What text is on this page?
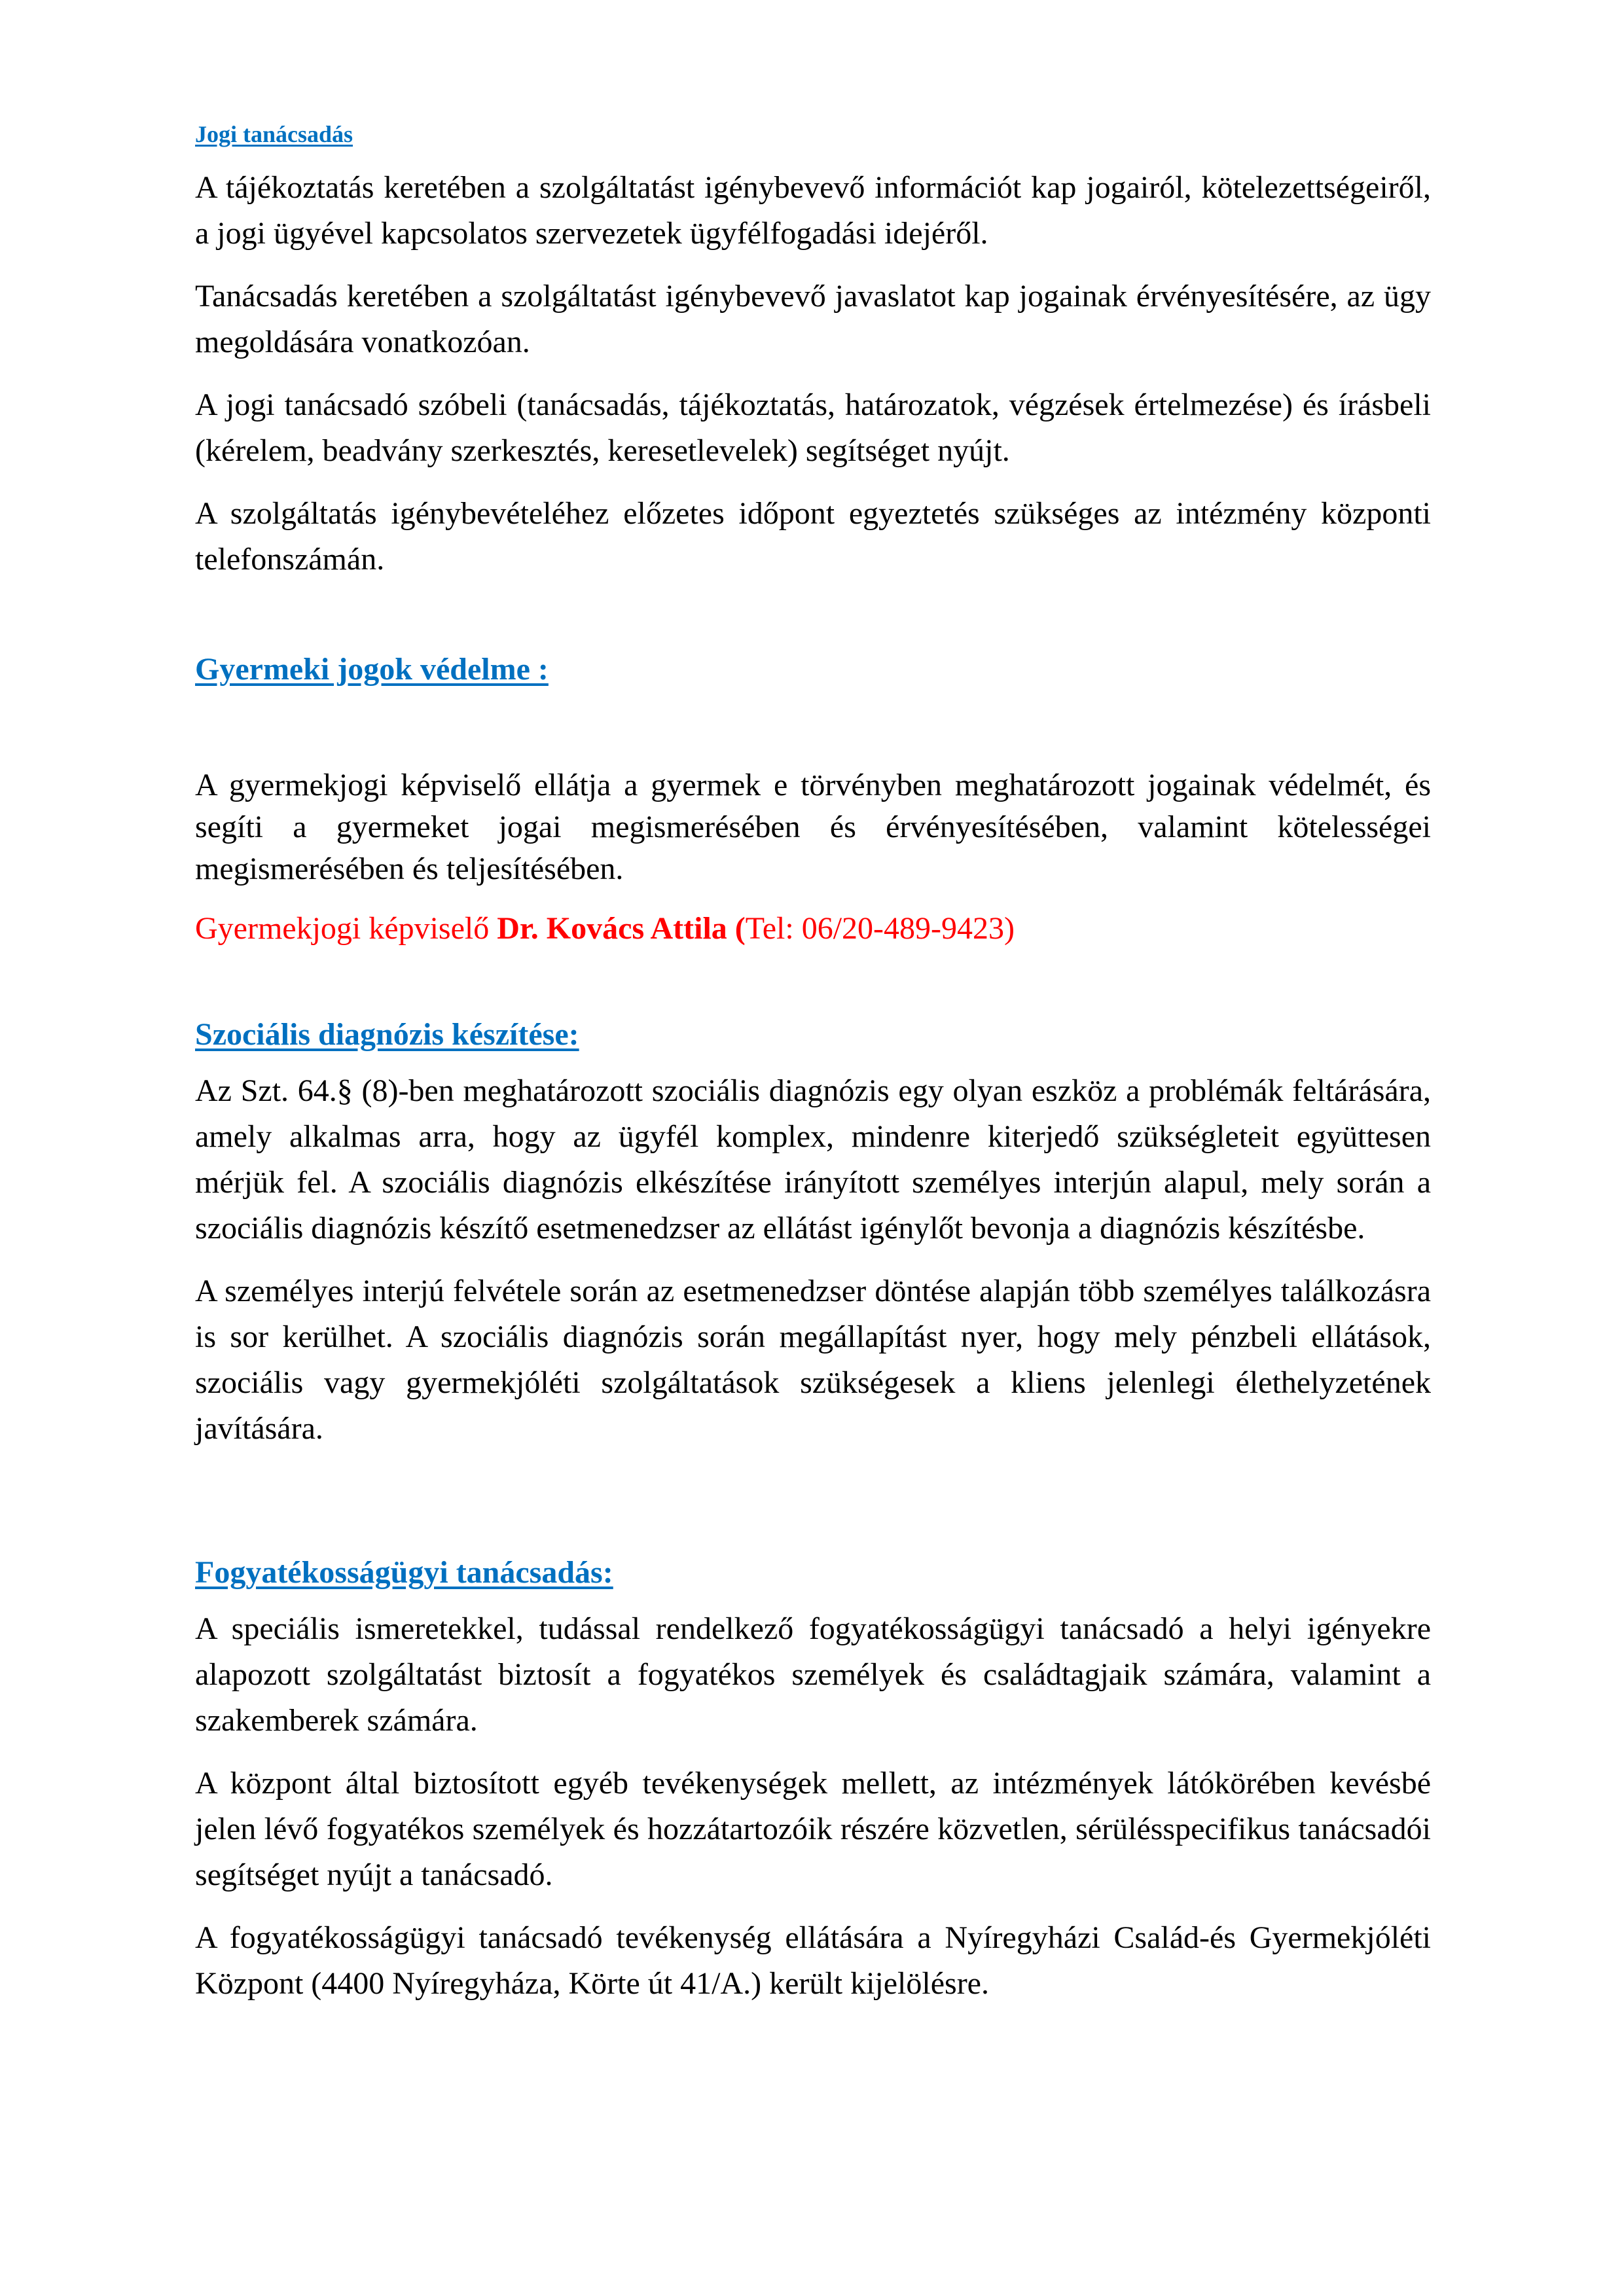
Jogi tanácsadás

A tájékoztatás keretében a szolgáltatást igénybevevő információt kap jogairól, kötelezettségeiről, a jogi ügyével kapcsolatos szervezetek ügyfélfogadási idejéről.

Tanácsadás keretében a szolgáltatást igénybevevő javaslatot kap jogainak érvényesítésére, az ügy megoldására vonatkozóan.

A jogi tanácsadó szóbeli (tanácsadás, tájékoztatás, határozatok, végzések értelmezése) és írásbeli (kérelem, beadvány szerkesztés, keresetlevelek) segítséget nyújt.

A szolgáltatás igénybevételéhez előzetes időpont egyeztetés szükséges az intézmény központi telefonszámán.

Gyermeki jogok védelme :

A gyermekjogi képviselő ellátja a gyermek e törvényben meghatározott jogainak védelmét, és segíti a gyermeket jogai megismerésében és érvényesítésében, valamint kötelességei megismerésében és teljesítésében.

Gyermekjogi képviselő Dr. Kovács Attila (Tel: 06/20-489-9423)

Szociális diagnózis készítése:

Az Szt. 64.§ (8)-ben meghatározott szociális diagnózis egy olyan eszköz a problémák feltárására, amely alkalmas arra, hogy az ügyfél komplex, mindenre kiterjedő szükségleteit együttesen mérjük fel. A szociális diagnózis elkészítése irányított személyes interjún alapul, mely során a szociális diagnózis készítő esetmenedzser az ellátást igénylőt bevonja a diagnózis készítésbe.

A személyes interjú felvétele során az esetmenedzser döntése alapján több személyes találkozásra is sor kerülhet. A szociális diagnózis során megállapítást nyer, hogy mely pénzbeli ellátások, szociális vagy gyermekjóléti szolgáltatások szükségesek a kliens jelenlegi élethelyzetének javítására.

Fogyatékosságügyi tanácsadás:

A speciális ismeretekkel, tudással rendelkező fogyatékosságügyi tanácsadó a helyi igényekre alapozott szolgáltatást biztosít a fogyatékos személyek és családtagjaik számára, valamint a szakemberek számára.

A központ által biztosított egyéb tevékenységek mellett, az intézmények látókörében kevésbé jelen lévő fogyatékos személyek és hozzátartozóik részére közvetlen, sérülésspecifikus tanácsadói segítséget nyújt a tanácsadó.

A fogyatékosságügyi tanácsadó tevékenység ellátására a Nyíregyházi Család-és Gyermekjóléti Központ (4400 Nyíregyháza, Körte út 41/A.) került kijelölésre.
